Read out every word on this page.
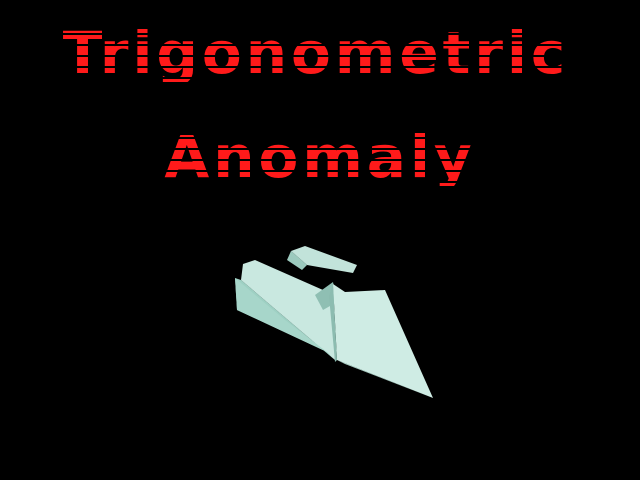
Trigonometric
Anomaly
